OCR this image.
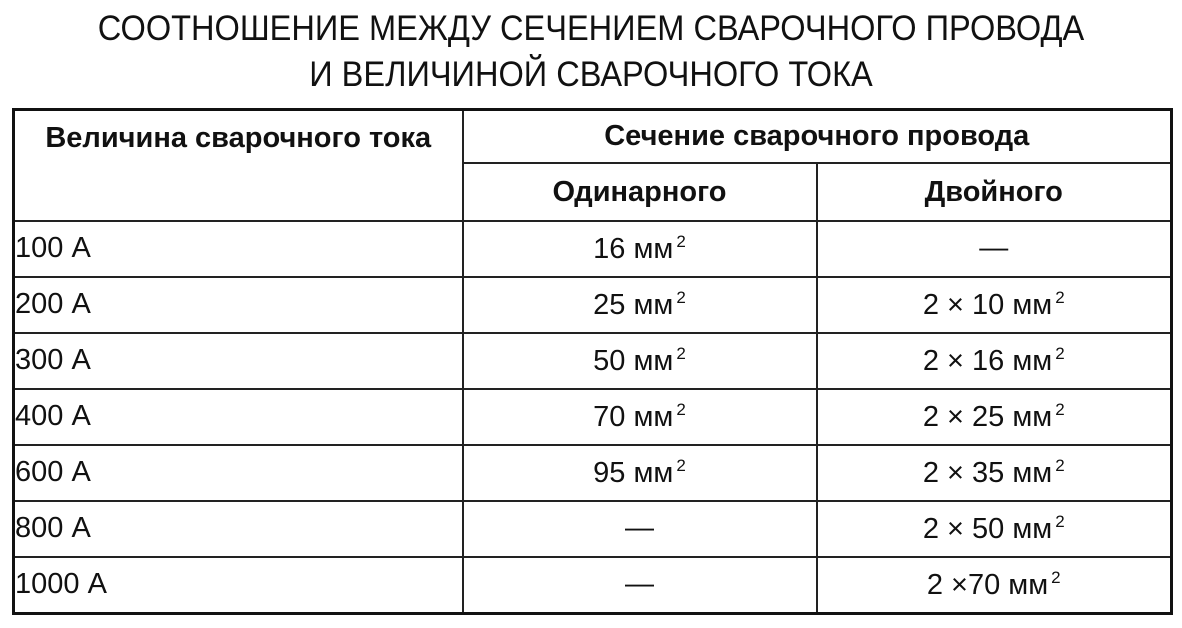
СООТНОШЕНИЕ МЕЖДУ СЕЧЕНИЕМ СВАРОЧНОГО ПРОВОДА
И ВЕЛИЧИНОЙ СВАРОЧНОГО ТОКА
Величина сварочного тока	Сечение сварочного провода	
	Одинарного	Двойного
100 А	16 мм $^2$	—
200 А	25 мм $^2$	2 × 10 мм $^2$
300 А	50 мм $^2$	2 × 16 мм $^2$
400 А	70 мм $^2$	2 × 25 мм $^2$
600 А	95 мм $^2$	2 × 35 мм $^2$
800 А	—	2 × 50 мм $^2$
1000 А	—	2 ×70 мм $^2$
